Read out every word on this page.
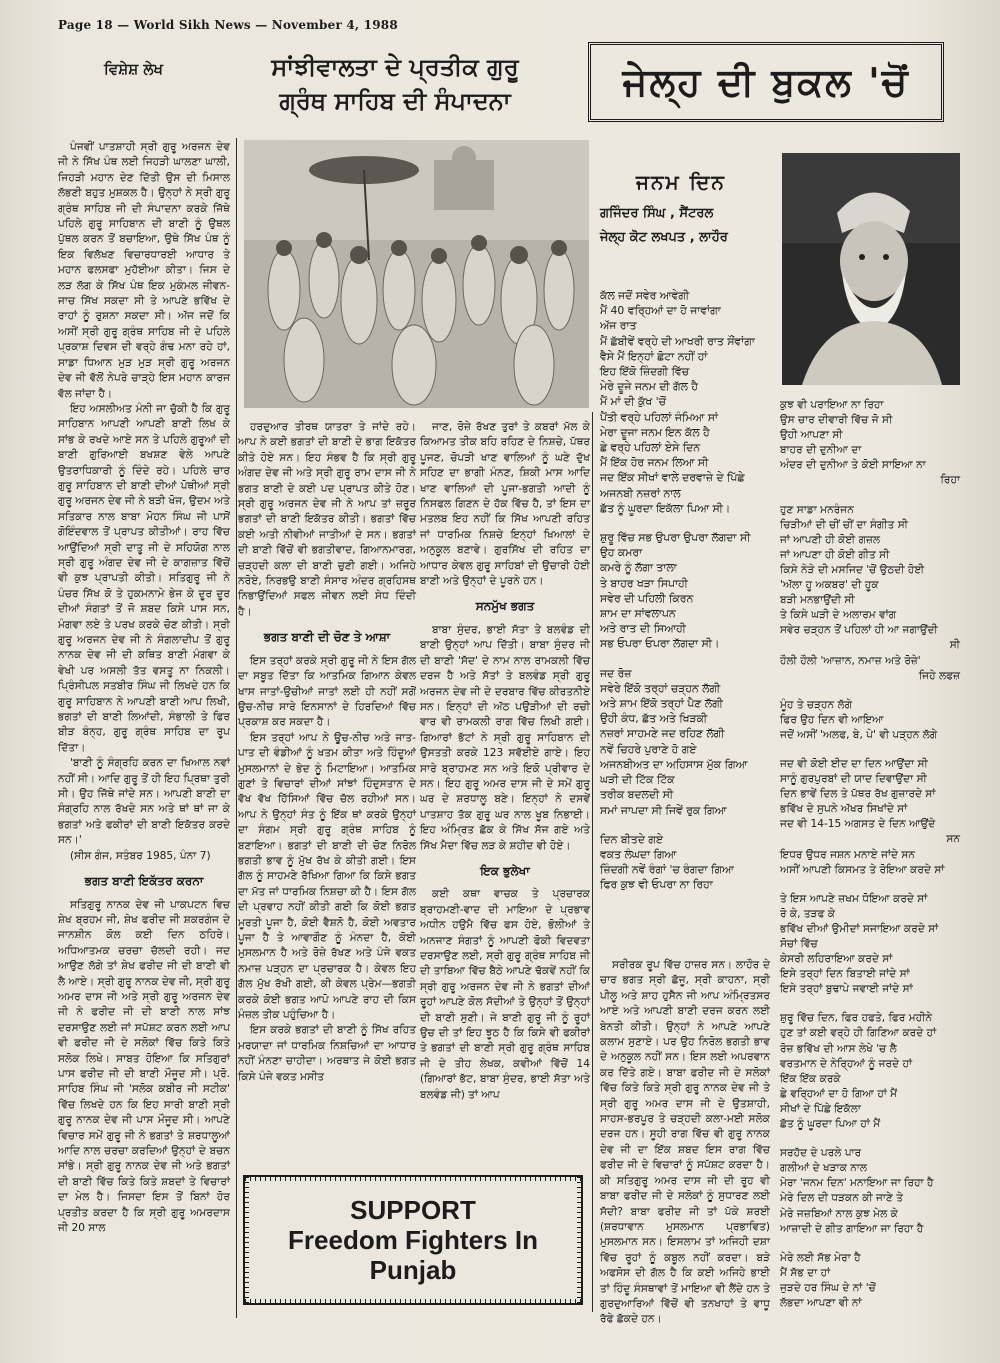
Page 18 — World Sikh News — November 4, 1988
ਵਿਸ਼ੇਸ਼ ਲੇਖ	ਸਾਂਝੀਵਾਲਤਾ ਦੇ ਪ੍ਰਤੀਕ ਗੁਰੂ
ਗ੍ਰੰਥ ਸਾਹਿਬ ਦੀ ਸੰਪਾਦਨਾ	ਜੇਲ੍ਹ ਦੀ ਬੁਕਲ 'ਚੋਂ

ਪੰਜਵੀਂ ਪਾਤਸ਼ਾਹੀ ਸ੍ਰੀ ਗੁਰੂ ਅਰਜਨ ਦੇਵ ਜੀ ਨੇ ਸਿੱਖ ਪੰਥ ਲਈ ਜਿਹੜੀ ਘਾਲਣਾ ਘਾਲੀ, ਜਿਹੜੀ ਮਹਾਨ ਦੇਣ ਦਿੱਤੀ ਉਸ ਦੀ ਮਿਸਾਲ ਲੱਭਣੀ ਬਹੁਤ ਮੁਸ਼ਕਲ ਹੈ। ਉਨ੍ਹਾਂ ਨੇ ਸ੍ਰੀ ਗੁਰੂ ਗ੍ਰੰਥ ਸਾਹਿਬ ਜੀ ਦੀ ਸੰਪਾਦਨਾ ਕਰਕੇ ਜਿੱਥੇ ਪਹਿਲੇ ਗੁਰੂ ਸਾਹਿਬਾਨ ਦੀ ਬਾਣੀ ਨੂੰ ਉਥਲ ਪੁੱਥਲ ਕਰਨ ਤੋਂ ਬਚਾਇਆ, ਉਥੇ ਸਿੱਖ ਪੰਥ ਨੂੰ ਇਕ ਵਿਲੱਖਣ ਵਿਚਾਰਧਾਰਈ ਆਧਾਰ ਤੇ ਮਹਾਨ ਫਲਸਫਾ ਮੁਹੱਈਆ ਕੀਤਾ। ਜਿਸ ਦੇ ਲੜ ਲੱਗ ਕੇ ਸਿੱਖ ਪੰਥ ਇਕ ਮੁਕੰਮਲ ਜੀਵਨ-ਜਾਚ ਸਿੱਖ ਸਕਦਾ ਸੀ ਤੇ ਆਪਣੇ ਭਵਿੱਖ ਦੇ ਰਾਹਾਂ ਨੂੰ ਰੁਸ਼ਨਾ ਸਕਦਾ ਸੀ। ਅੱਜ ਜਦੋਂ ਕਿ ਅਸੀਂ ਸ੍ਰੀ ਗੁਰੂ ਗ੍ਰੰਥ ਸਾਹਿਬ ਜੀ ਦੇ ਪਹਿਲੇ ਪ੍ਰਕਾਸ਼ ਦਿਵਸ ਦੀ ਵਰ੍ਹੇ ਗੰਢ ਮਨਾ ਰਹੇ ਹਾਂ, ਸਾਡਾ ਧਿਆਨ ਮੁੜ ਮੁੜ ਸ੍ਰੀ ਗੁਰੂ ਅਰਜਨ ਦੇਵ ਜੀ ਵੱਲੋਂ ਨੇਪਰੇ ਚਾੜ੍ਹੇ ਇਸ ਮਹਾਨ ਕਾਰਜ ਵੱਲ ਜਾਂਦਾ ਹੈ।

ਇਹ ਅਸਲੀਅਤ ਮੰਨੀ ਜਾ ਚੁੱਕੀ ਹੈ ਕਿ ਗੁਰੂ ਸਾਹਿਬਾਨ ਆਪਣੀ ਆਪਣੀ ਬਾਣੀ ਲਿਖ ਕੇ ਸਾਂਭ ਕੇ ਰਖਦੇ ਆਏ ਸਨ ਤੇ ਪਹਿਲੇ ਗੁਰੂਆਂ ਦੀ ਬਾਣੀ ਗੁਰਿਆਈ ਬਖਸ਼ਣ ਵੇਲੇ ਆਪਣੇ ਉਤਰਾਧਿਕਾਰੀ ਨੂੰ ਦਿੰਦੇ ਰਹੇ। ਪਹਿਲੇ ਚਾਰ ਗੁਰੂ ਸਾਹਿਬਾਨ ਦੀ ਬਾਣੀ ਦੀਆਂ ਪੋਥੀਆਂ ਸ੍ਰੀ ਗੁਰੂ ਅਰਜਨ ਦੇਵ ਜੀ ਨੇ ਬੜੀ ਖੋਜ, ਉਦਮ ਅਤੇ ਸਤਿਕਾਰ ਨਾਲ ਬਾਬਾ ਮੋਹਨ ਸਿੰਘ ਜੀ ਪਾਸੋਂ ਗੋਇੰਦਵਾਲ ਤੋਂ ਪ੍ਰਾਪਤ ਕੀਤੀਆਂ। ਰਾਹ ਵਿੱਚ ਆਉਂਦਿਆਂ ਸ੍ਰੀ ਦਾਤੂ ਜੀ ਦੇ ਸਹਿਯੋਗ ਨਾਲ ਸ੍ਰੀ ਗੁਰੂ ਅੰਗਦ ਦੇਵ ਜੀ ਦੇ ਕਾਗਜ਼ਾਤ ਵਿੱਚੋਂ ਵੀ ਕੁਝ ਪ੍ਰਾਪਤੀ ਕੀਤੀ। ਸਤਿਗੁਰੂ ਜੀ ਨੇ ਪੰਚਰ ਸਿੱਖ ਕੋ ਤੇ ਹੁਕਮਨਾਮੇ ਭੇਜ ਕੇ ਦੂਰ ਦੂਰ ਦੀਆਂ ਸੰਗਤਾਂ ਤੋਂ ਜੋ ਸ਼ਬਦ ਕਿਸੇ ਪਾਸ ਸਨ, ਮੰਗਵਾ ਲਏ ਤੇ ਪਰਖ ਕਰਕੇ ਚੋਣ ਕੀਤੀ। ਸ੍ਰੀ ਗੁਰੂ ਅਰਜਨ ਦੇਵ ਜੀ ਨੇ ਸੰਗਲਾਦੀਪ ਤੋਂ ਗੁਰੂ ਨਾਨਕ ਦੇਵ ਜੀ ਦੀ ਕਥਿਤ ਬਾਣੀ ਮੰਗਵਾ ਕੇ ਵੇਖੀ ਪਰ ਅਸਲੀ ਤੱਤ ਵਸਤੂ ਨਾ ਨਿਕਲੀ। ਪ੍ਰਿੰਸੀਪਲ ਸਤਬੀਰ ਸਿੰਘ ਜੀ ਲਿਖਦੇ ਹਨ ਕਿ ਗੁਰੂ ਸਾਹਿਬਾਨ ਨੇ ਆਪਣੀ ਬਾਣੀ ਆਪ ਲਿਖੀ, ਭਗਤਾਂ ਦੀ ਬਾਣੀ ਲਿਆਂਦੀ, ਸੰਭਾਲੀ ਤੇ ਫਿਰ ਬੀੜ ਬੰਨ੍ਹ, ਗੁਰੂ ਗ੍ਰੰਥ ਸਾਹਿਬ ਦਾ ਰੂਪ ਦਿੱਤਾ।

'ਬਾਣੀ ਨੂੰ ਸੰਗ੍ਰਹਿ ਕਰਨ ਦਾ ਖਿਆਲ ਨਵਾਂ ਨਹੀਂ ਸੀ। ਆਦਿ ਗੁਰੂ ਤੋਂ ਹੀ ਇਹ ਪ੍ਰਿਥਾ ਤੁਰੀ ਸੀ। ਉਹ ਜਿੱਥੇ ਜਾਂਦੇ ਸਨ। ਆਪਣੀ ਬਾਣੀ ਦਾ ਸੰਗ੍ਰਹਿ ਨਾਲ ਰੱਖਦੇ ਸਨ ਅਤੇ ਥਾਂ ਥਾਂ ਜਾ ਕੇ ਭਗਤਾਂ ਅਤੇ ਫਕੀਰਾਂ ਦੀ ਬਾਣੀ ਇਕੱਤਰ ਕਰਦੇ ਸਨ।'

(ਸੀਸ ਗੰਜ, ਸਤੰਬਰ 1985, ਪੰਨਾ 7)

ਭਗਤ ਬਾਣੀ ਇਕੱਤਰ ਕਰਨਾ

ਸਤਿਗੁਰੂ ਨਾਨਕ ਦੇਵ ਜੀ ਪਾਕਪਟਨ ਵਿਚ ਸ਼ੇਖ ਬ੍ਰਹਮ ਜੀ, ਸ਼ੇਖ ਫਰੀਦ ਜੀ ਸ਼ਕਰਗੰਜ ਦੇ ਜਾਨਸ਼ੀਨ ਕੋਲ ਕਈ ਦਿਨ ਠਹਿਰੇ। ਅਧਿਆਤਮਕ ਚਰਚਾ ਚੱਲਦੀ ਰਹੀ। ਜਦ ਆਉਣ ਲੱਗੇ ਤਾਂ ਸ਼ੇਖ ਫਰੀਦ ਜੀ ਦੀ ਬਾਣੀ ਵੀ ਲੈ ਆਏ। ਸ੍ਰੀ ਗੁਰੂ ਨਾਨਕ ਦੇਵ ਜੀ, ਸ੍ਰੀ ਗੁਰੂ ਅਮਰ ਦਾਸ ਜੀ ਅਤੇ ਸ੍ਰੀ ਗੁਰੂ ਅਰਜਨ ਦੇਵ ਜੀ ਨੇ ਫਰੀਦ ਜੀ ਦੀ ਬਾਣੀ ਨਾਲ ਸਾਂਝ ਦਰਸਾਉਣ ਲਈ ਜਾਂ ਸਪੱਸ਼ਟ ਕਰਨ ਲਈ ਆਪ ਵੀ ਫਰੀਦ ਜੀ ਦੇ ਸਲੋਕਾਂ ਵਿੱਚ ਕਿਤੇ ਕਿਤੇ ਸਲੋਕ ਲਿਖੇ। ਸਾਬਤ ਹੋਇਆ ਕਿ ਸਤਿਗੁਰਾਂ ਪਾਸ ਫਰੀਦ ਜੀ ਦੀ ਬਾਣੀ ਮੌਜੂਦ ਸੀ। ਪ੍ਰੋ. ਸਾਹਿਬ ਸਿੰਘ ਜੀ 'ਸਲੋਕ ਕਬੀਰ ਜੀ ਸਟੀਕ' ਵਿੱਚ ਲਿਖਦੇ ਹਨ ਕਿ ਇਹ ਸਾਰੀ ਬਾਣੀ ਸ੍ਰੀ ਗੁਰੂ ਨਾਨਕ ਦੇਵ ਜੀ ਪਾਸ ਮੌਜੂਦ ਸੀ। ਆਪਣੇ ਵਿਚਾਰ ਸਮੇਂ ਗੁਰੂ ਜੀ ਨੇ ਭਗਤਾਂ ਤੇ ਸ਼ਰਧਾਲੂਆਂ ਆਦਿ ਨਾਲ ਚਰਚਾ ਕਰਦਿਆਂ ਉਨ੍ਹਾਂ ਦੇ ਬਚਨ ਸਾਂਭੇ। ਸ੍ਰੀ ਗੁਰੂ ਨਾਨਕ ਦੇਵ ਜੀ ਅਤੇ ਭਗਤਾਂ ਦੀ ਬਾਣੀ ਵਿੱਚ ਕਿਤੇ ਕਿਤੇ ਸ਼ਬਦਾਂ ਤੇ ਵਿਚਾਰਾਂ ਦਾ ਮੇਲ ਹੈ। ਜਿਸਦਾ ਇਸ ਤੋਂ ਬਿਨਾਂ ਹੋਰ ਪ੍ਰਤੀਤ ਕਰਦਾ ਹੈ ਕਿ ਸ੍ਰੀ ਗੁਰੂ ਅਮਰਦਾਸ ਜੀ 20 ਸਾਲ

ਹਰਦੁਆਰ ਤੀਰਥ ਯਾਤਰਾ ਤੇ ਜਾਂਦੇ ਰਹੇ। ਆਪ ਨੇ ਕਈ ਭਗਤਾਂ ਦੀ ਬਾਣੀ ਦੇ ਭਾਗ ਇਕੱਤਰ ਕੀਤੇ ਹੋਏ ਸਨ। ਇਹ ਸੰਭਵ ਹੈ ਕਿ ਸ੍ਰੀ ਗੁਰੂ ਅੰਗਦ ਦੇਵ ਜੀ ਅਤੇ ਸ੍ਰੀ ਗੁਰੂ ਰਾਮ ਦਾਸ ਜੀ ਨੇ ਭਗਤ ਬਾਣੀ ਦੇ ਕਈ ਪਦ ਪ੍ਰਾਪਤ ਕੀਤੇ ਹੋਣ। ਸ੍ਰੀ ਗੁਰੂ ਅਰਜਨ ਦੇਵ ਜੀ ਨੇ ਆਪ ਤਾਂ ਜ਼ਰੂਰ ਭਗਤਾਂ ਦੀ ਬਾਣੀ ਇਕੱਤਰ ਕੀਤੀ। ਭਗਤਾਂ ਵਿੱਚ ਕਈ ਅਤੀ ਨੀਵੀਆਂ ਜਾਤੀਆਂ ਦੇ ਸਨ। ਭਗਤਾਂ ਦੀ ਬਾਣੀ ਵਿੱਚੋਂ ਵੀ ਭਗਤੀਵਾਦ, ਗਿਆਨਮਾਰਗ, ਚੜ੍ਹਦੀ ਕਲਾ ਦੀ ਬਾਣੀ ਚੁਣੀ ਗਈ। ਅਜਿਹੇ ਨਰੋਏ, ਨਿਰਭਉ ਬਾਣੀ ਸੰਸਾਰ ਅੰਦਰ ਗ੍ਰਹਿਸਥ ਨਿਭਾਉਂਦਿਆਂ ਸਫਲ ਜੀਵਨ ਲਈ ਸੇਧ ਦਿੰਦੀ ਹੈ।

ਭਗਤ ਬਾਣੀ ਦੀ ਚੋਣ ਤੇ ਆਸ਼ਾ

ਇਸ ਤਰ੍ਹਾਂ ਕਰਕੇ ਸ੍ਰੀ ਗੁਰੂ ਜੀ ਨੇ ਇਸ ਗੱਲ ਦਾ ਸਬੂਤ ਦਿੱਤਾ ਕਿ ਆਤਮਿਕ ਗਿਆਨ ਕੇਵਲ ਖਾਸ ਜਾਤਾਂ-ਉਚੀਆਂ ਜਾਤਾਂ ਲਈ ਹੀ ਨਹੀਂ ਸਗੋਂ ਉਚ-ਨੀਚ ਸਾਰੇ ਇਨਸਾਨਾਂ ਦੇ ਹਿਰਦਿਆਂ ਵਿੱਚ ਪ੍ਰਕਾਸ਼ ਕਰ ਸਕਦਾ ਹੈ।

ਇਸ ਤਰ੍ਹਾਂ ਆਪ ਨੇ ਊਚ-ਨੀਚ ਅਤੇ ਜਾਤ-ਪਾਤ ਦੀ ਵੰਡੀਆਂ ਨੂੰ ਖਤਮ ਕੀਤਾ ਅਤੇ ਹਿੰਦੂਆਂ ਮੁਸਲਮਾਨਾਂ ਦੇ ਭੇਦ ਨੂੰ ਮਿਟਾਇਆ। ਆਤਮਿਕ ਗੁਣਾਂ ਤੇ ਵਿਚਾਰਾਂ ਦੀਆਂ ਸਾਂਝਾਂ ਹਿੰਦੁਸਤਾਨ ਦੇ ਵੱਖ ਵੱਖ ਹਿੱਸਿਆਂ ਵਿੱਚ ਚੱਲ ਰਹੀਆਂ ਸਨ। ਆਪ ਨੇ ਉਨ੍ਹਾਂ ਸੰਤ ਨੂੰ ਇੱਕ ਥਾਂ ਕਰਕੇ ਉਨ੍ਹਾਂ ਦਾ ਸੰਗਮ ਸ੍ਰੀ ਗੁਰੂ ਗ੍ਰੰਥ ਸਾਹਿਬ ਨੂੰ ਬਣਾਇਆ। ਭਗਤਾਂ ਦੀ ਬਾਣੀ ਦੀ ਚੋਣ ਨਿਰੋਲ ਭਗਤੀ ਭਾਵ ਨੂੰ ਮੁੱਖ ਰੱਖ ਕੇ ਕੀਤੀ ਗਈ। ਇਸ ਗੱਲ ਨੂੰ ਸਾਹਮਣੇ ਰੱਖਿਆ ਗਿਆ ਕਿ ਕਿਸੇ ਭਗਤ ਦਾ ਮੱਤ ਜਾਂ ਧਾਰਮਿਕ ਨਿਸ਼ਚਾ ਕੀ ਹੈ। ਇਸ ਗੱਲ ਦੀ ਪ੍ਰਵਾਹ ਨਹੀਂ ਕੀਤੀ ਗਈ ਕਿ ਕੋਈ ਭਗਤ ਮੂਰਤੀ ਪੂਜਾ ਹੈ, ਕੋਈ ਵੈਸ਼ਨੋ ਹੈ, ਕੋਈ ਅਵਤਾਰ ਪੂਜਾ ਹੈ ਤੇ ਆਵਾਗੌਣ ਨੂੰ ਮੰਨਦਾ ਹੈ, ਕੋਈ ਮੁਸਲਮਾਨ ਹੈ ਅਤੇ ਰੋਜ਼ੇ ਰੱਖਣ ਅਤੇ ਪੰਜੇ ਵਕਤ ਨਮਾਜ਼ ਪੜ੍ਹਨ ਦਾ ਪ੍ਰਚਾਰਕ ਹੈ। ਕੇਵਲ ਇਹ ਗੱਲ ਮੁੱਖ ਰੱਖੀ ਗਈ, ਕੀ ਕੇਵਲ ਪ੍ਰੇਮ—ਭਗਤੀ ਕਰਕੇ ਕੋਈ ਭਗਤ ਆਪੋ ਆਪਣੇ ਰਾਹ ਦੀ ਕਿਸ ਮੰਜ਼ਲ ਤੀਕ ਪਹੁੰਚਿਆ ਹੈ।

ਇਸ ਕਰਕੇ ਭਗਤਾਂ ਦੀ ਬਾਣੀ ਨੂੰ ਸਿੱਖ ਰਹਿਤ ਮਰਯਾਦਾ ਜਾਂ ਧਾਰਮਿਕ ਨਿਸ਼ਚਿਆਂ ਦਾ ਆਧਾਰ ਨਹੀਂ ਮੰਨਣਾ ਚਾਹੀਦਾ। ਅਰਥਾਤ ਜੇ ਕੋਈ ਭਗਤ ਕਿਸੇ ਪੰਜੇ ਵਕਤ ਮਸੀਤ

ਜਾਣ, ਰੋਜ਼ੇ ਰੱਖਣ ਤੁਰਾਂ ਤੇ ਕਬਰਾਂ ਮੱਲ ਕੇ ਕਿਆਮਤ ਤੀਕ ਬਹਿ ਰਹਿਣ ਦੇ ਨਿਸ਼ਚੇ, ਪੱਥਰ ਪੂਜਣ, ਚੋਪੜੀ ਖਾਣ ਵਾਲਿਆਂ ਨੂੰ ਘਣੇ ਦੁੱਖ ਸਹਿਣ ਦਾ ਭਾਗੀ ਮੰਨਣ, ਸ਼ਿਕੀ ਮਾਸ ਆਦਿ ਖਾਣ ਵਾਲਿਆਂ ਦੀ ਪੂਜਾ-ਭਗਤੀ ਆਦੀ ਨੂੰ ਨਿਸਫਲ ਗਿਣਨ ਦੇ ਹੱਕ ਵਿੱਚ ਹੈ, ਤਾਂ ਇਸ ਦਾ ਮਤਲਬ ਇਹ ਨਹੀਂ ਕਿ ਸਿੱਖ ਆਪਣੀ ਰਹਿਤ ਜਾਂ ਧਾਰਮਿਕ ਨਿਸ਼ਚੇ ਇਨ੍ਹਾਂ ਖਿਆਲਾਂ ਦੇ ਅਨੁਕੂਲ ਬਣਾਵੇ। ਗੁਰਸਿੱਖ ਦੀ ਰਹਿਤ ਦਾ ਆਧਾਰ ਕੇਵਲ ਗੁਰੂ ਸਾਹਿਬਾਂ ਦੀ ਉਚਾਰੀ ਹੋਈ ਬਾਣੀ ਅਤੇ ਉਨ੍ਹਾਂ ਦੇ ਪੂਰਨੇ ਹਨ।

ਸਨਮੁੱਖ ਭਗਤ

ਬਾਬਾ ਸੁੰਦਰ, ਭਾਈ ਸੱਤਾ ਤੇ ਬਲਵੰਡ ਦੀ ਬਾਣੀ ਉਨ੍ਹਾਂ ਆਪ ਦਿੱਤੀ। ਬਾਬਾ ਸੁੰਦਰ ਜੀ ਦੀ ਬਾਣੀ 'ਸੱਦ' ਦੇ ਨਾਮ ਨਾਲ ਰਾਮਕਲੀ ਵਿੱਚ ਦਰਜ ਹੈ ਅਤੇ ਸੱਤਾਂ ਤੇ ਬਲਵੰਡ ਸ੍ਰੀ ਗੁਰੂ ਅਰਜਨ ਦੇਵ ਜੀ ਦੇ ਦਰਬਾਰ ਵਿੱਚ ਕੀਰਤਨੀਏ ਸਨ। ਇਨ੍ਹਾਂ ਦੀ ਅੱਠ ਪਉੜੀਆਂ ਦੀ ਰਚੀ ਵਾਰ ਵੀ ਰਾਮਕਲੀ ਰਾਗ ਵਿੱਚ ਲਿਖੀ ਗਈ। ਗਿਆਰਾਂ ਭੱਟਾਂ ਨੇ ਸ੍ਰੀ ਗੁਰੂ ਸਾਹਿਬਾਨ ਦੀ ਉਸਤਤੀ ਕਰਕੇ 123 ਸਵੱਈਏ ਗਾਏ। ਇਹ ਸਾਰੇ ਬ੍ਰਾਹਮਣ ਸਨ ਅਤੇ ਇਕੋ ਪ੍ਰੀਵਾਰ ਦੇ ਸਨ। ਇਹ ਗੁਰੂ ਅਮਰ ਦਾਸ ਜੀ ਦੇ ਸਮੇਂ ਗੁਰੂ ਘਰ ਦੇ ਸ਼ਰਧਾਲੂ ਬਣੇ। ਇਨ੍ਹਾਂ ਨੇ ਦਸਵੇਂ ਪਾਤਸ਼ਾਹ ਤੱਕ ਗੁਰੂ ਘਰ ਨਾਲ ਖੂਬ ਨਿਭਾਈ। ਇਹ ਅੰਮ੍ਰਿਤ ਛੱਕ ਕੇ ਸਿੱਖ ਸੱਜ ਗਏ ਅਤੇ ਸਿੱਖ ਮੈਦਾ ਵਿੱਚ ਲੜ ਕੇ ਸ਼ਹੀਦ ਵੀ ਹੋਏ।

ਇਕ ਭੁਲੇਖਾ

ਕਈ ਕਥਾ ਵਾਚਕ ਤੇ ਪ੍ਰਚਾਰਕ ਬ੍ਰਾਹਮਣੀ-ਵਾਦ ਦੀ ਮਾਇਆ ਦੇ ਪ੍ਰਭਾਵ ਅਧੀਨ ਹਉਮੈ ਵਿੱਚ ਫਸ ਹੋਏ, ਭੋਲੀਆਂ ਤੇ ਅਨਜਾਣ ਸੰਗਤਾਂ ਨੂੰ ਆਪਣੀ ਫੋਕੀ ਵਿਦਵਤਾ ਦਰਸਾਉਣ ਲਈ, ਸ੍ਰੀ ਗੁਰੂ ਗ੍ਰੰਥ ਸਾਹਿਬ ਜੀ ਦੀ ਤਾਬਿਆ ਵਿੱਚ ਬੈਠੇ ਆਪਣੇ ਢੱਕਵੇਂ ਨਹੀਂ ਕਿ ਸ੍ਰੀ ਗੁਰੂ ਅਰਜਨ ਦੇਵ ਜੀ ਨੇ ਭਗਤਾਂ ਦੀਆਂ ਰੂਹਾਂ ਆਪਣੇ ਕੋਲ ਸੱਦੀਆਂ ਤੇ ਉਨ੍ਹਾਂ ਤੋਂ ਉਨ੍ਹਾਂ ਦੀ ਬਾਣੀ ਸੁਣੀ। ਜੇ ਬਾਣੀ ਗੁਰੂ ਜੀ ਨੂੰ ਰੂਹਾਂ ਉਚ ਦੀ ਤਾਂ ਇਹ ਝੂਠ ਹੈ ਕਿ ਕਿਸੇ ਵੀ ਫਕੀਰਾਂ ਤੇ ਭਗਤਾਂ ਦੀ ਬਾਣੀ ਸ੍ਰੀ ਗੁਰੂ ਗ੍ਰੰਥ ਸਾਹਿਬ ਜੀ ਦੇ ਤੀਹ ਲੇਖਕ, ਕਵੀਆਂ ਵਿੱਚੋਂ 14 (ਗਿਆਰਾਂ ਭੱਟ, ਬਾਬਾ ਸੁੰਦਰ, ਭਾਈ ਸੱਤਾ ਅਤੇ ਬਲਵੰਡ ਜੀ) ਤਾਂ ਆਪ

SUPPORT
Freedom Fighters In
Punjab
ਜਨਮ ਦਿਨ
ਗਜਿੰਦਰ ਸਿੰਘ , ਸੈਂਟਰਲ
ਜੇਲ੍ਹ ਕੋਟ ਲਖਪਤ , ਲਾਹੌਰ
ਕੱਲ ਜਦੋਂ ਸਵੇਰ ਆਵੇਗੀ
ਮੈਂ 40 ਵਰ੍ਹਿਆਂ ਦਾ ਹੋ ਜਾਵਾਂਗਾ
ਅੱਜ ਰਾਤ
ਮੈਂ ਛੱਬੀਵੇਂ ਵਰ੍ਹੇ ਦੀ ਆਖਰੀ ਰਾਤ ਸੌਂਵਾਂਗਾ
ਵੈਸੇ ਮੈਂ ਇਨ੍ਹਾਂ ਛੋਟਾ ਨਹੀਂ ਹਾਂ
ਇਹ ਇੱਕੋ ਜ਼ਿੰਦਗੀ ਵਿੱਚ
ਮੇਰੇ ਦੂਜੇ ਜਨਮ ਦੀ ਗੱਲ ਹੈ
ਮੈਂ ਮਾਂ ਦੀ ਕੁੱਖ 'ਚੋਂ
ਪੈਂਤੀ ਵਰ੍ਹੇ ਪਹਿਲਾਂ ਜੰਮਿਆ ਸਾਂ
ਮੇਰਾ ਦੂਜਾ ਜਨਮ ਇਨ ਕੱਲ ਹੈ
ਛੇ ਵਰ੍ਹੇ ਪਹਿਲਾਂ ਏਸੇ ਦਿਨ
ਮੈਂ ਇੱਕ ਹੋਰ ਜਨਮ ਲਿਆ ਸੀ
ਜਦ ਇੱਕ ਸੀਖਾਂ ਵਾਲੇ ਦਰਵਾਜ਼ੇ ਦੇ ਪਿੱਛੇ
ਅਜਨਬੀ ਨਜ਼ਰਾਂ ਨਾਲ
ਛੱਤ ਨੂੰ ਘੂਰਦਾ ਇਕੱਲਾ ਪਿਆ ਸੀ।
ਸ਼ੁਰੂ ਵਿੱਚ ਸਭ ਉਪਰਾ ਉਪਰਾ ਲੱਗਦਾ ਸੀ
ਉਹ ਕਮਰਾ
ਕਮਰੇ ਨੂੰ ਲੱਗਾ ਤਾਲਾ
ਤੇ ਬਾਹਰ ਖੜਾ ਸਿਪਾਹੀ
ਸਵੇਰ ਦੀ ਪਹਿਲੀ ਕਿਰਨ
ਸ਼ਾਮ ਦਾ ਸਾਂਵਲਾਪਨ
ਅਤੇ ਰਾਤ ਦੀ ਸਿਆਹੀ
ਸਭ ਓਪਰਾ ਓਪਰਾ ਲੱਗਦਾ ਸੀ।
ਜਦ ਰੋਜ਼
ਸਵੇਰੇ ਇੱਕੋ ਤਰ੍ਹਾਂ ਚੜ੍ਹਨ ਲੱਗੀ
ਅਤੇ ਸ਼ਾਮ ਇੱਕੋ ਤਰ੍ਹਾਂ ਪੈਣ ਲੱਗੀ
ਉਹੀ ਕੰਧ, ਛੱਤ ਅਤੇ ਖਿੜਕੀ
ਨਜ਼ਰਾਂ ਸਾਹਮਣੇ ਜਦ ਰਹਿਣ ਲੱਗੀ
ਨਵੇਂ ਚਿਹਰੇ ਪੁਰਾਣੇ ਹੋ ਗਏ
ਅਜਨਬੀਅਤ ਦਾ ਅਹਿਸਾਸ ਮੁੱਕ ਗਿਆ
ਘੜੀ ਦੀ ਟਿੱਕ ਟਿੱਕ
ਤਰੀਕ ਬਦਲਦੀ ਸੀ
ਸਮਾਂ ਜਾਪਦਾ ਸੀ ਜਿਵੇਂ ਰੁਕ ਗਿਆ
ਦਿਨ ਬੀਤਦੇ ਗਏ
ਵਕਤ ਲੰਘਦਾ ਗਿਆ
ਜ਼ਿੰਦਗੀ ਨਵੇਂ ਰੰਗਾਂ 'ਚ ਰੰਗਦਾ ਗਿਆ
ਫਿਰ ਕੁਝ ਵੀ ਓਪਰਾ ਨਾ ਰਿਹਾ

ਸਰੀਰਕ ਰੂਪ ਵਿੱਚ ਹਾਜ਼ਰ ਸਨ। ਲਾਹੌਰ ਦੇ ਚਾਰ ਭਗਤ ਸ੍ਰੀ ਛੱਜੂ, ਸ੍ਰੀ ਕਾਹਨਾ, ਸ੍ਰੀ ਪੀਲੂ ਅਤੇ ਸ਼ਾਹ ਹੁਸੈਨ ਜੀ ਆਪ ਅੰਮ੍ਰਿਤਸਰ ਆਏ ਅਤੇ ਆਪਣੀ ਬਾਣੀ ਦਰਜ ਕਰਨ ਲਈ ਬੇਨਤੀ ਕੀਤੀ। ਉਨ੍ਹਾਂ ਨੇ ਆਪਣੇ ਆਪਣੇ ਕਲਾਮ ਸੁਣਾਏ। ਪਰ ਉਹ ਨਿਰੋਲ ਭਗਤੀ ਭਾਵ ਦੇ ਅਨੁਕੂਲ ਨਹੀਂ ਸਨ। ਇਸ ਲਈ ਅਪਰਵਾਨ ਕਰ ਦਿੱਤੇ ਗਏ। ਬਾਬਾ ਫਰੀਦ ਜੀ ਦੇ ਸਲੋਕਾਂ ਵਿੱਚ ਕਿਤੇ ਕਿਤੇ ਸ੍ਰੀ ਗੁਰੂ ਨਾਨਕ ਦੇਵ ਜੀ ਤੇ ਸ੍ਰੀ ਗੁਰੂ ਅਮਰ ਦਾਸ ਜੀ ਦੇ ਉਤਸ਼ਾਹੀ, ਸਾਹਸ-ਭਰਪੂਰ ਤੇ ਚੜ੍ਹਦੀ ਕਲਾ-ਮਈ ਸਲੋਕ ਦਰਜ ਹਨ। ਸੂਹੀ ਰਾਗ ਵਿੱਚ ਵੀ ਗੁਰੂ ਨਾਨਕ ਦੇਵ ਜੀ ਦਾ ਇੱਕ ਸ਼ਬਦ ਇਸ ਰਾਗ ਵਿੱਚ ਫਰੀਦ ਜੀ ਦੇ ਵਿਚਾਰਾਂ ਨੂੰ ਸਪੱਸ਼ਟ ਕਰਦਾ ਹੈ। ਕੀ ਸਤਿਗੁਰੂ ਅਮਰ ਦਾਸ ਜੀ ਦੀ ਰੂਹ ਵੀ ਬਾਬਾ ਫਰੀਦ ਜੀ ਦੇ ਸਲੋਕਾਂ ਨੂੰ ਸੁਧਾਰਣ ਲਈ ਸੱਦੀ? ਬਾਬਾ ਫਰੀਦ ਜੀ ਤਾਂ ਪੱਕੇ ਸ਼ਰਈ (ਸ਼ਰਧਾਵਾਨ ਮੁਸਲਮਾਨ ਪ੍ਰਭਾਵਿਤ) ਮੁਸਲਮਾਨ ਸਨ। ਇਸਲਾਮ ਤਾਂ ਅਜਿਹੀ ਦਸ਼ਾ ਵਿੱਚ ਰੂਹਾਂ ਨੂੰ ਕਬੂਲ ਨਹੀਂ ਕਰਦਾ। ਬੜੇ ਅਫਸੋਸ ਦੀ ਗੱਲ ਹੈ ਕਿ ਕਈ ਅਜਿਹੇ ਭਾਈ ਤਾਂ ਹਿੰਦੂ ਸੰਸਥਾਵਾਂ ਤੋਂ ਮਾਇਆ ਵੀ ਲੈਂਦੇ ਹਨ ਤੇ ਗੁਰਦੁਆਰਿਆਂ ਵਿੱਚੋਂ ਵੀ ਤਨਖਾਹਾਂ ਤੇ ਵਾਧੂ ਰੱਫੇ ਛੱਕਦੇ ਹਨ।

ਕੁਝ ਵੀ ਪਰਾਇਆ ਨਾ ਰਿਹਾ
ਉਸ ਚਾਰ ਦੀਵਾਰੀ ਵਿੱਚ ਜੋ ਸੀ
ਉਹੀ ਆਪਣਾ ਸੀ
ਬਾਹਰ ਦੀ ਦੁਨੀਆ ਦਾ
ਅੰਦਰ ਦੀ ਦੁਨੀਆ ਤੇ ਕੋਈ ਸਾਇਆ ਨਾ
ਰਿਹਾ
ਹੁਣ ਸਾਡਾ ਮਨਰੰਜਨ
ਚਿੜੀਆਂ ਦੀ ਚੀਂ ਚੀਂ ਦਾ ਸੰਗੀਤ ਸੀ
ਜਾਂ ਆਪਣੀ ਹੀ ਕੋਈ ਗਜ਼ਲ
ਜਾਂ ਆਪਣਾ ਹੀ ਕੋਈ ਗੀਤ ਸੀ
ਕਿਸੇ ਨੇੜੇ ਦੀ ਮਸਜਿਦ 'ਚੋਂ ਉਠਦੀ ਹੋਈ
'ਅੱਲਾ ਹੂ ਅਕਬਰ' ਦੀ ਹੂਕ
ਬੜੀ ਮਨਭਾਉਂਦੀ ਸੀ
ਤੇ ਕਿਸੇ ਘੜੀ ਦੇ ਅਲਾਰਮ ਵਾਂਗ
ਸਵੇਰ ਚੜ੍ਹਨ ਤੋਂ ਪਹਿਲਾਂ ਹੀ ਆ ਜਗਾਉਂਦੀ
ਸੀ
ਹੌਲੀ ਹੌਲੀ 'ਆਜ਼ਾਨ, ਨਮਾਜ਼ ਅਤੇ ਰੋਜ਼ੇ'
ਜਿਹੇ ਲਫਜ਼
ਮੂੰਹ ਤੇ ਚੜ੍ਹਨ ਲੱਗੇ
ਫਿਰ ਉਹ ਦਿਨ ਵੀ ਆਇਆ
ਜਦੋਂ ਅਸੀਂ 'ਅਲਫ, ਬੇ, ਪੇ' ਵੀ ਪੜ੍ਹਨ ਲੱਗੇ
ਜਦ ਵੀ ਕੋਈ ਈਦ ਦਾ ਦਿਨ ਆਉਂਦਾ ਸੀ
ਸਾਨੂੰ ਗੁਰਪੁਰਬਾਂ ਦੀ ਯਾਦ ਦਿਵਾਉਂਦਾ ਸੀ
ਦਿਨ ਭਾਵੇਂ ਦਿਲ ਤੇ ਪੱਥਰ ਰੱਖ ਗੁਜ਼ਾਰਦੇ ਸਾਂ
ਭਵਿੱਖ ਦੇ ਸੁਪਨੇ ਅੱਖਰ ਸਿਖਾਂਦੇ ਸਾਂ
ਜਦ ਵੀ 14-15 ਅਗਸਤ ਦੇ ਦਿਨ ਆਉਂਦੇ
ਸਨ
ਇਧਰ ਉਧਰ ਜਸ਼ਨ ਮਨਾਏ ਜਾਂਦੇ ਸਨ
ਅਸੀਂ ਆਪਣੀ ਕਿਸਮਤ ਤੇ ਰੋਇਆ ਕਰਦੇ ਸਾਂ
ਤੇ ਇਸ ਆਪਣੇ ਜ਼ਖਮ ਧੋਇਆ ਕਰਦੇ ਸਾਂ
ਰੋ ਕੇ, ਤੜਫ ਕੇ
ਭਵਿੱਖ ਦੀਆਂ ਉਮੀਦਾਂ ਸਜਾਇਆ ਕਰਦੇ ਸਾਂ
ਸੋਚਾਂ ਵਿੱਚ
ਕੇਸਰੀ ਲਹਿਰਾਇਆ ਕਰਦੇ ਸਾਂ
ਇਸੇ ਤਰ੍ਹਾਂ ਦਿਨ ਬਿਤਾਈ ਜਾਂਦੇ ਸਾਂ
ਇਸੇ ਤਰ੍ਹਾਂ ਬੁਢਾਪੇ ਜਵਾਈ ਜਾਂਦੇ ਸਾਂ
ਸ਼ੁਰੂ ਵਿੱਚ ਦਿਨ, ਫਿਰ ਹਫਤੇ, ਫਿਰ ਮਹੀਨੇ
ਹੁਣ ਤਾਂ ਕਈ ਵਰ੍ਹੇ ਹੀ ਗਿਣਿਆ ਕਰਦੇ ਹਾਂ
ਰੋਜ਼ ਭਵਿੱਖ ਦੀ ਆਸ ਲੇਖੇ 'ਚ ਲੈ
ਵਰਤਮਾਨ ਦੇ ਨੇਰ੍ਹਿਆਂ ਨੂੰ ਜਰਦੇ ਹਾਂ
ਇੱਕ ਇੱਕ ਕਰਕੇ
ਛੇ ਵਰ੍ਹਿਆਂ ਦਾ ਹੋ ਗਿਆ ਹਾਂ ਮੈਂ
ਸੀਖਾਂ ਦੇ ਪਿੱਛੇ ਇਕੱਲਾ
ਛੱਤ ਨੂੰ ਘੂਰਦਾ ਪਿਆ ਹਾਂ ਮੈਂ
ਸਰਹੱਦ ਦੇ ਪਰਲੇ ਪਾਰ
ਗਲੀਆਂ ਦੇ ਖੜਾਕ ਨਾਲ
ਮੇਰਾ 'ਜਨਮ ਦਿਨ' ਮਨਾਇਆ ਜਾ ਰਿਹਾ ਹੈ
ਮੇਰੇ ਦਿਲ ਦੀ ਧੜਕਨ ਕੀ ਜਾਣੇ ਤੇ
ਮੇਰੇ ਜਜ਼ਬਿਆਂ ਨਾਲ ਕੁਝ ਮੇਲ ਕੇ
ਆਜ਼ਾਦੀ ਦੇ ਗੀਤ ਗਾਇਆ ਜਾ ਰਿਹਾ ਹੈ
ਮੇਰੇ ਲਈ ਸੱਭ ਮੇਰਾ ਹੈ
ਮੈਂ ਸੱਭ ਦਾ ਹਾਂ
ਜੁੜਦੇ ਹਰ ਸਿੰਘ ਦੇ ਨਾਂ 'ਚੋਂ
ਲੱਭਦਾ ਆਪਣਾ ਵੀ ਨਾਂ
